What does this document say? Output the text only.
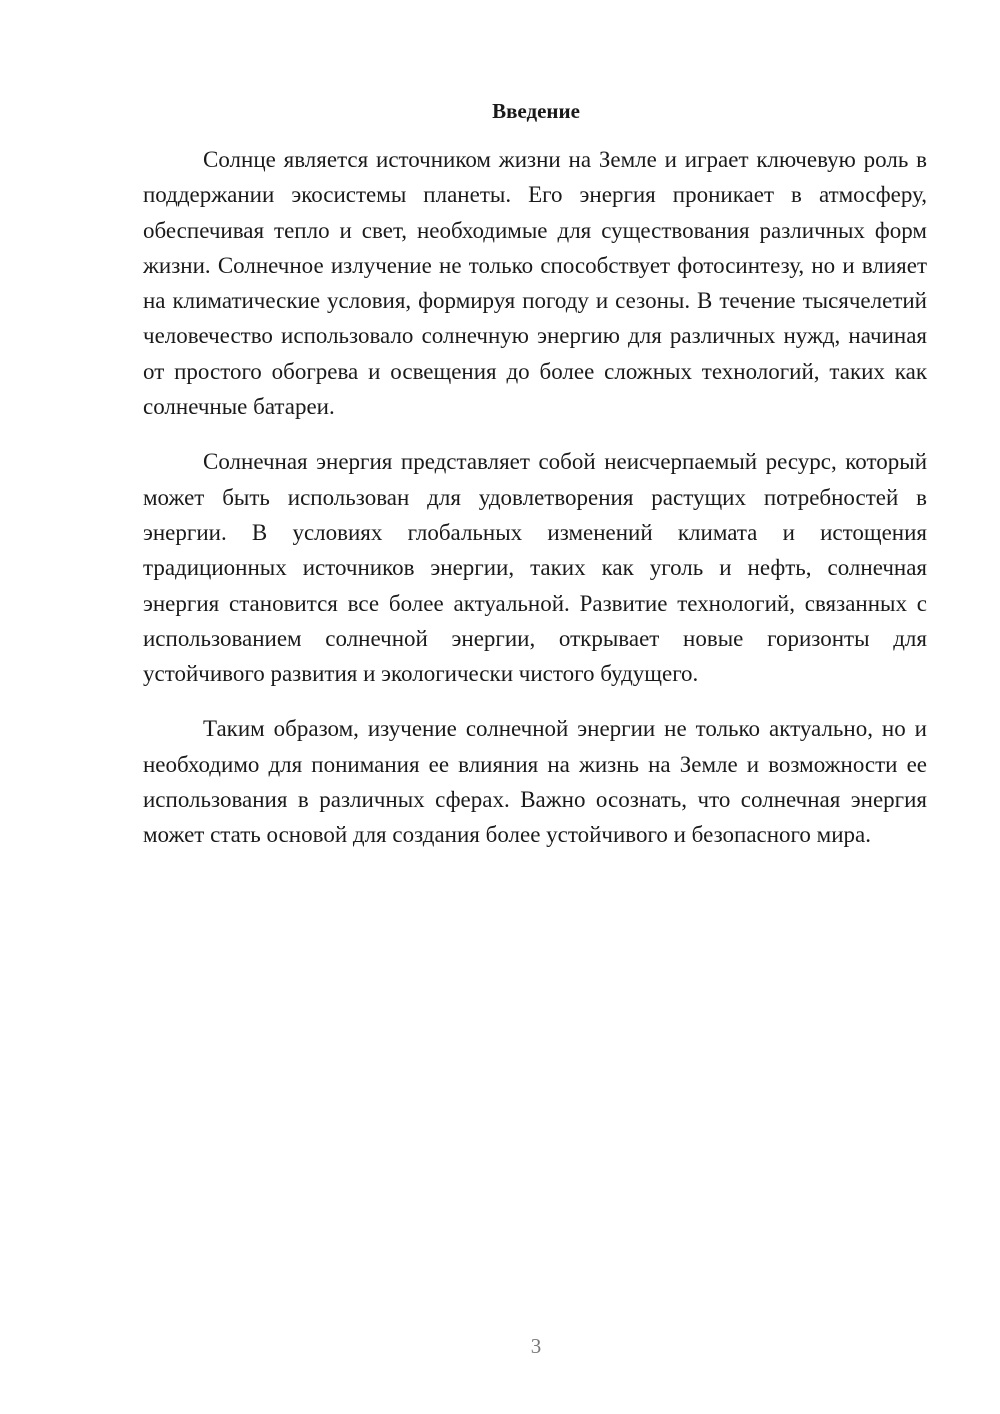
Введение

Солнце является источником жизни на Земле и играет ключевую роль в поддержании экосистемы планеты. Его энергия проникает в атмосферу, обеспечивая тепло и свет, необходимые для существования различных форм жизни. Солнечное излучение не только способствует фотосинтезу, но и влияет на климатические условия, формируя погоду и сезоны. В течение тысячелетий человечество использовало солнечную энергию для различных нужд, начиная от простого обогрева и освещения до более сложных технологий, таких как солнечные батареи.

Солнечная энергия представляет собой неисчерпаемый ресурс, который может быть использован для удовлетворения растущих потребностей в энергии. В условиях глобальных изменений климата и истощения традиционных источников энергии, таких как уголь и нефть, солнечная энергия становится все более актуальной. Развитие технологий, связанных с использованием солнечной энергии, открывает новые горизонты для устойчивого развития и экологически чистого будущего.

Таким образом, изучение солнечной энергии не только актуально, но и необходимо для понимания ее влияния на жизнь на Земле и возможности ее использования в различных сферах. Важно осознать, что солнечная энергия может стать основой для создания более устойчивого и безопасного мира.

3
